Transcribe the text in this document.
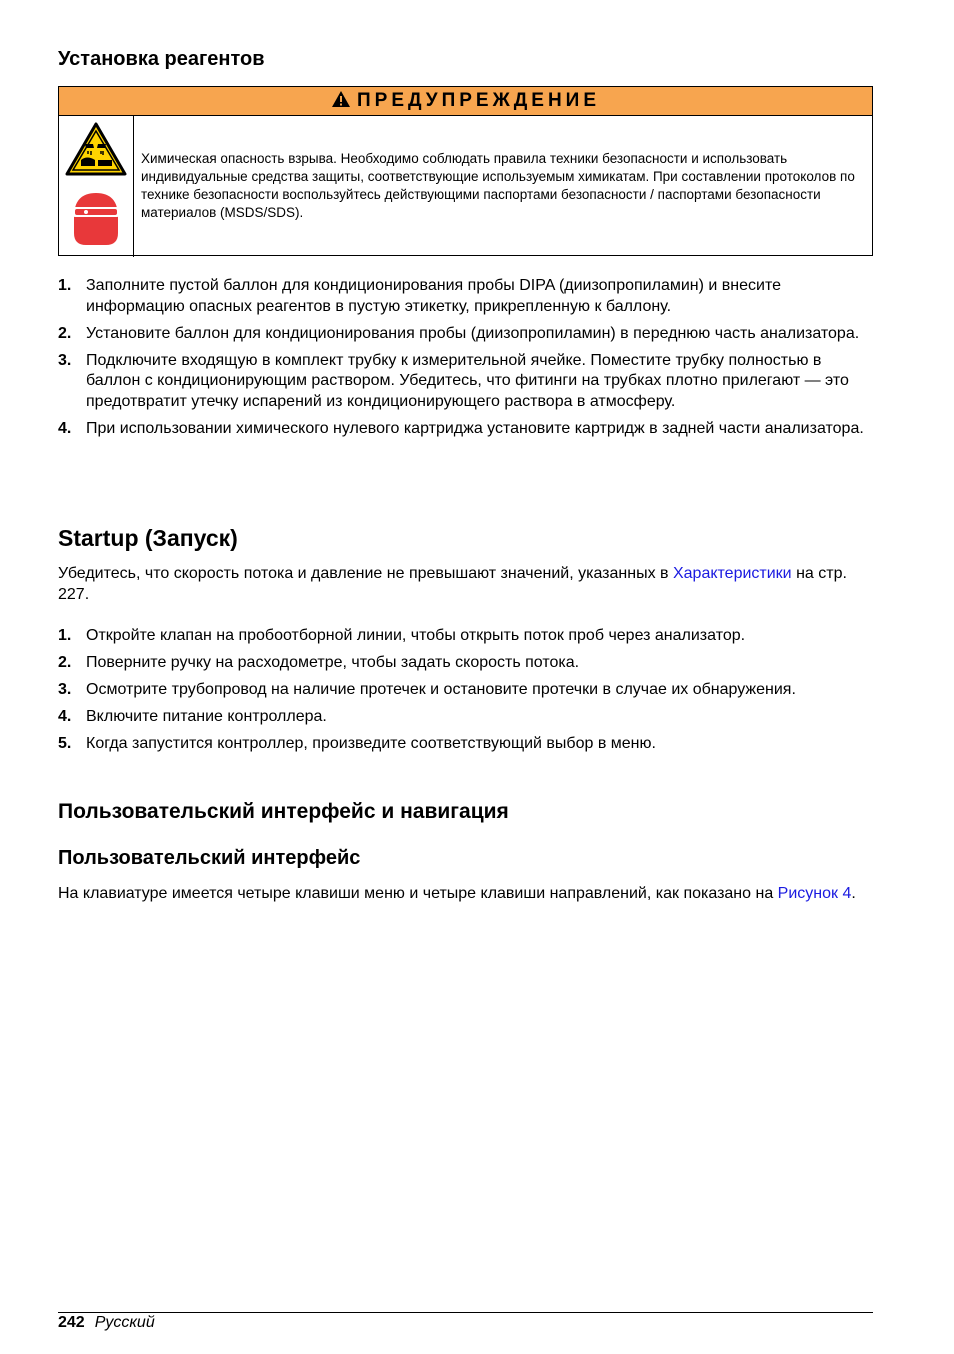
Установка реагентов
ПРЕДУПРЕЖДЕНИЕ
Химическая опасность взрыва. Необходимо соблюдать правила техники безопасности и использовать индивидуальные средства защиты, соответствующие используемым химикатам. При составлении протоколов по технике безопасности воспользуйтесь действующими паспортами безопасности / паспортами безопасности материалов (MSDS/SDS).
1. Заполните пустой баллон для кондиционирования пробы DIPA (диизопропиламин) и внесите информацию опасных реагентов в пустую этикетку, прикрепленную к баллону.
2. Установите баллон для кондиционирования пробы (диизопропиламин) в переднюю часть анализатора.
3. Подключите входящую в комплект трубку к измерительной ячейке. Поместите трубку полностью в баллон с кондиционирующим раствором. Убедитесь, что фитинги на трубках плотно прилегают — это предотвратит утечку испарений из кондиционирующего раствора в атмосферу.
4. При использовании химического нулевого картриджа установите картридж в задней части анализатора.
Startup (Запуск)

Убедитесь, что скорость потока и давление не превышают значений, указанных в Характеристики на стр. 227.

1. Откройте клапан на пробоотборной линии, чтобы открыть поток проб через анализатор.
2. Поверните ручку на расходометре, чтобы задать скорость потока.
3. Осмотрите трубопровод на наличие протечек и остановите протечки в случае их обнаружения.
4. Включите питание контроллера.
5. Когда запустится контроллер, произведите соответствующий выбор в меню.
Пользовательский интерфейс и навигация
Пользовательский интерфейс

На клавиатуре имеется четыре клавиши меню и четыре клавиши направлений, как показано на Рисунок 4.

242 Русский
